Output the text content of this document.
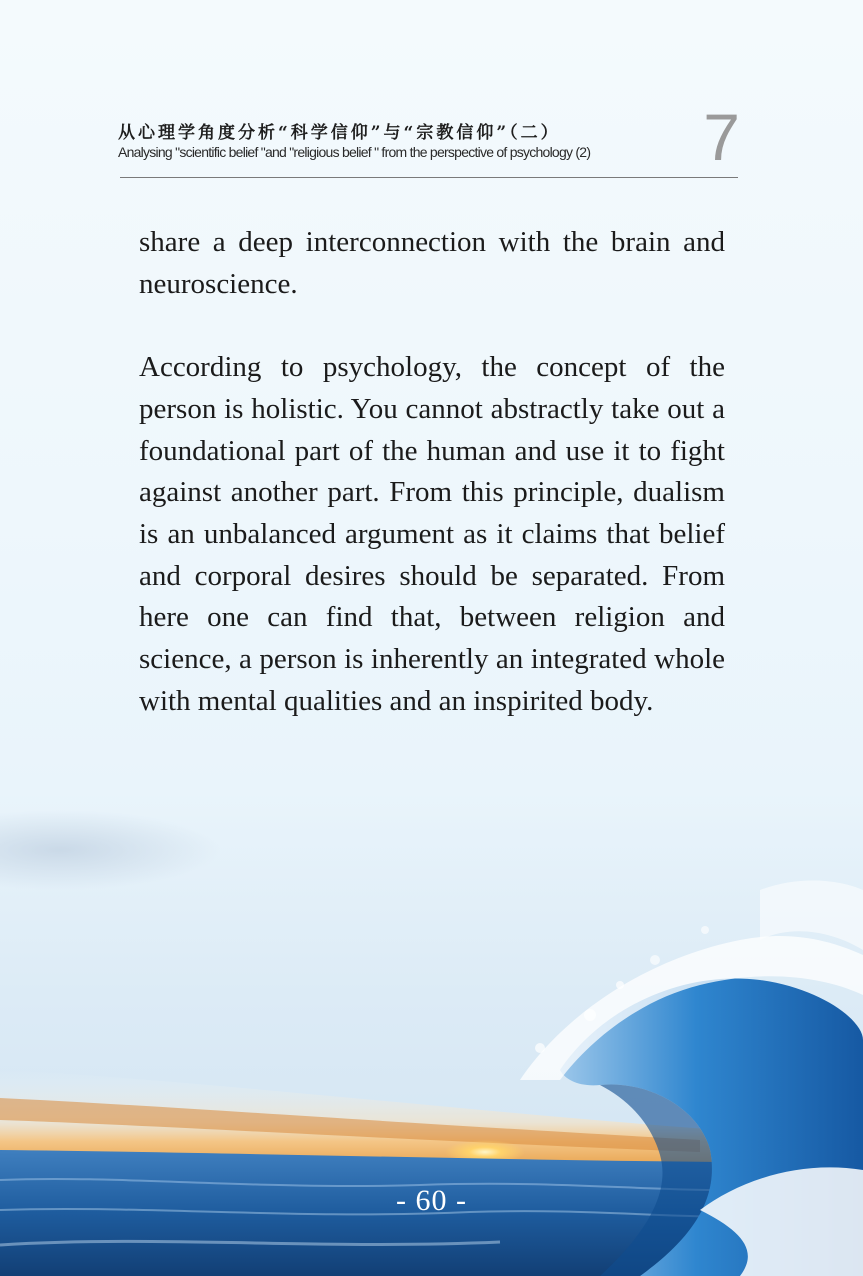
从心理学角度分析“科学信仰”与“宗教信仰”（二）
Analysing "scientific belief "and "religious belief " from the perspective of psychology (2)	7

share a deep interconnection with the brain and neuroscience.

According to psychology, the concept of the person is holistic. You cannot abstractly take out a foundational part of the human and use it to fight against another part. From this principle, dualism is an unbalanced argument as it claims that belief and corporal desires should be separated. From here one can find that, between religion and science, a person is inherently an integrated whole with mental qualities and an inspirited body.

- 60 -
